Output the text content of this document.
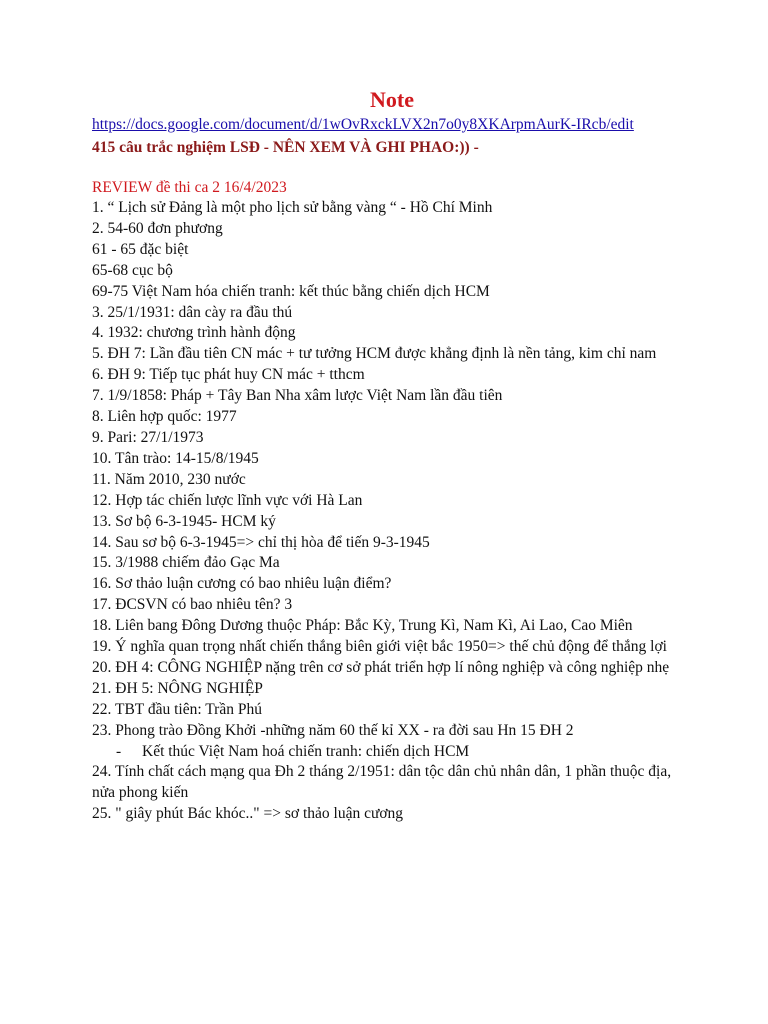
Note
https://docs.google.com/document/d/1wOvRxckLVX2n7o0y8XKArpmAurK-IRcb/edit
415 câu trắc nghiệm LSĐ - NÊN XEM VÀ GHI PHAO:)) -
REVIEW đề thi ca 2 16/4/2023
1. “ Lịch sử Đảng là một pho lịch sử bằng vàng “ - Hồ Chí Minh
2. 54-60 đơn phương
61 - 65 đặc biệt
65-68 cục bộ
69-75 Việt Nam hóa chiến tranh: kết thúc bằng chiến dịch HCM
3. 25/1/1931: dân cày ra đầu thú
4. 1932: chương trình hành động
5. ĐH 7: Lần đầu tiên CN mác + tư tưởng HCM được khẳng định là nền tảng, kim chỉ nam
6. ĐH 9: Tiếp tục phát huy CN mác + tthcm
7. 1/9/1858: Pháp + Tây Ban Nha xâm lược Việt Nam lần đầu tiên
8. Liên hợp quốc: 1977
9. Pari: 27/1/1973
10. Tân trào: 14-15/8/1945
11. Năm 2010, 230 nước
12. Hợp tác chiến lược lĩnh vực với Hà Lan
13. Sơ bộ 6-3-1945- HCM ký
14. Sau sơ bộ 6-3-1945=> chỉ thị hòa để tiến 9-3-1945
15. 3/1988 chiếm đảo Gạc Ma
16. Sơ thảo luận cương có bao nhiêu luận điểm?
17. ĐCSVN có bao nhiêu tên? 3
18. Liên bang Đông Dương thuộc Pháp: Bắc Kỳ, Trung Kì, Nam Kì, Ai Lao, Cao Miên
19. Ý nghĩa quan trọng nhất chiến thắng biên giới việt bắc 1950=> thế chủ động để thắng lợi
20. ĐH 4: CÔNG NGHIỆP nặng trên cơ sở phát triển hợp lí nông nghiệp và công nghiệp nhẹ
21. ĐH 5: NÔNG NGHIỆP
22. TBT đầu tiên: Trần Phú
23. Phong trào Đồng Khởi -những năm 60 thế kỉ XX - ra đời sau Hn 15 ĐH 2
-	Kết thúc Việt Nam hoá chiến tranh: chiến dịch HCM
24. Tính chất cách mạng qua Đh 2 tháng 2/1951: dân tộc dân chủ nhân dân, 1 phần thuộc địa, nửa phong kiến
25. " giây phút Bác khóc.." => sơ thảo luận cương
